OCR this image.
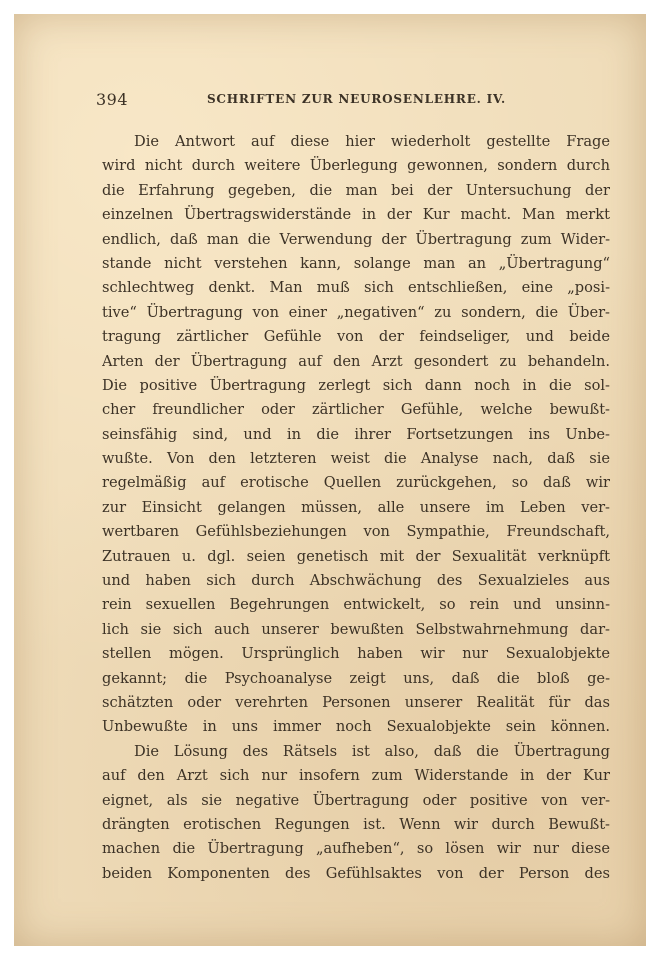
394	SCHRIFTEN ZUR NEUROSENLEHRE. IV.
Die Antwort auf diese hier wiederholt gestellte Frage
wird nicht durch weitere Überlegung gewonnen, sondern durch
die Erfahrung gegeben, die man bei der Untersuchung der
einzelnen Übertragswiderstände in der Kur macht. Man merkt
endlich, daß man die Verwendung der Übertragung zum Wider-
stande nicht verstehen kann, solange man an „Übertragung“
schlechtweg denkt. Man muß sich entschließen, eine „posi-
tive“ Übertragung von einer „negativen“ zu sondern, die Über-
tragung zärtlicher Gefühle von der feindseliger, und beide
Arten der Übertragung auf den Arzt gesondert zu behandeln.
Die positive Übertragung zerlegt sich dann noch in die sol-
cher freundlicher oder zärtlicher Gefühle, welche bewußt-
seinsfähig sind, und in die ihrer Fortsetzungen ins Unbe-
wußte. Von den letzteren weist die Analyse nach, daß sie
regelmäßig auf erotische Quellen zurückgehen, so daß wir
zur Einsicht gelangen müssen, alle unsere im Leben ver-
wertbaren Gefühlsbeziehungen von Sympathie, Freundschaft,
Zutrauen u. dgl. seien genetisch mit der Sexualität verknüpft
und haben sich durch Abschwächung des Sexualzieles aus
rein sexuellen Begehrungen entwickelt, so rein und unsinn-
lich sie sich auch unserer bewußten Selbstwahrnehmung dar-
stellen mögen. Ursprünglich haben wir nur Sexualobjekte
gekannt; die Psychoanalyse zeigt uns, daß die bloß ge-
schätzten oder verehrten Personen unserer Realität für das
Unbewußte in uns immer noch Sexualobjekte sein können.
Die Lösung des Rätsels ist also, daß die Übertragung
auf den Arzt sich nur insofern zum Widerstande in der Kur
eignet, als sie negative Übertragung oder positive von ver-
drängten erotischen Regungen ist. Wenn wir durch Bewußt-
machen die Übertragung „aufheben“, so lösen wir nur diese
beiden Komponenten des Gefühlsaktes von der Person des
